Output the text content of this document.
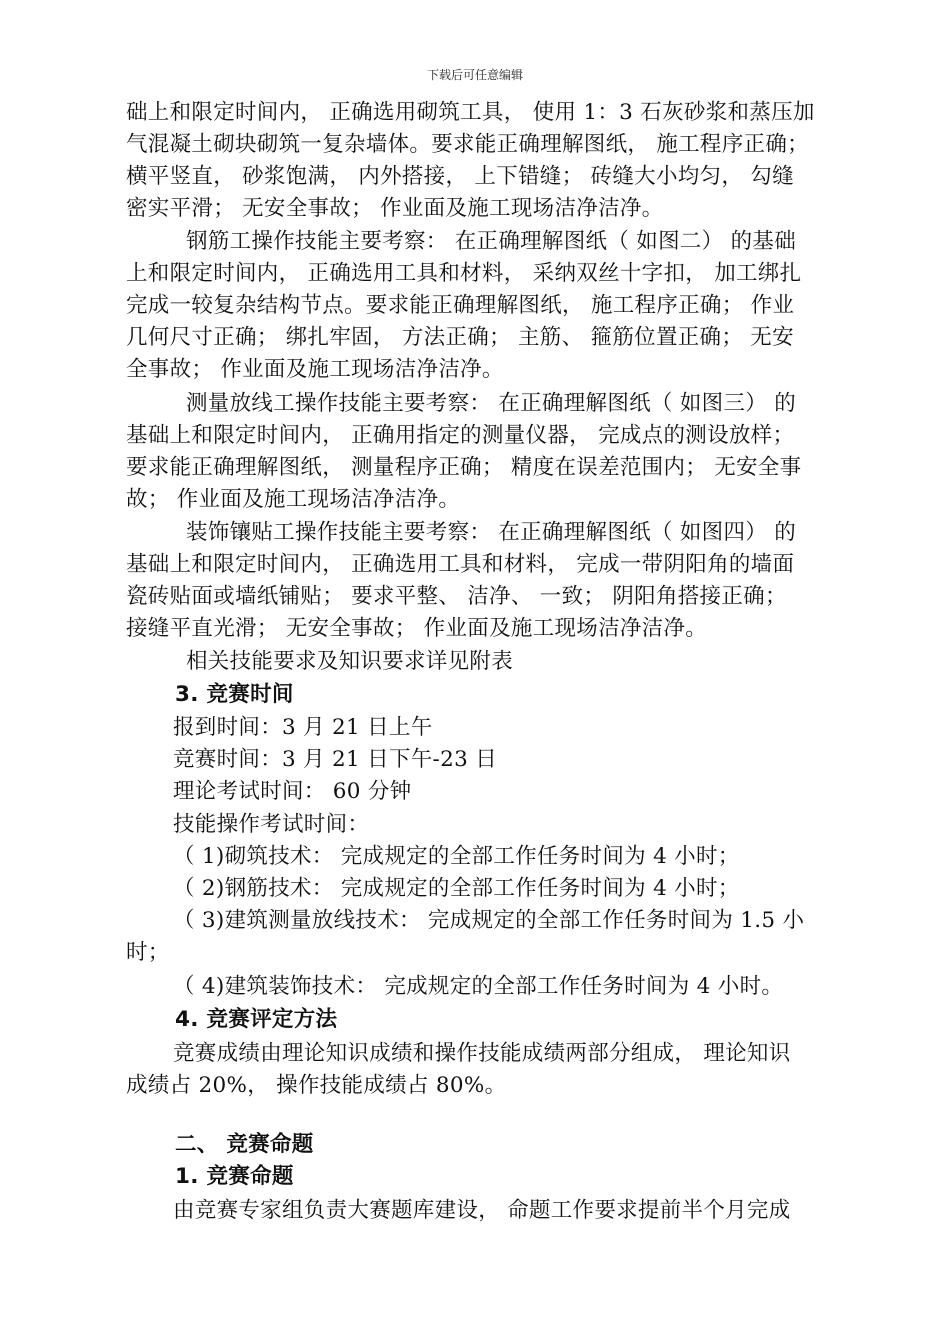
下载后可任意编辑
础上和限定时间内， 正确选用砌筑工具， 使用 1：3 石灰砂浆和蒸压加
气混凝土砌块砌筑一复杂墙体。要求能正确理解图纸， 施工程序正确；
横平竖直， 砂浆饱满， 内外搭接， 上下错缝； 砖缝大小均匀， 勾缝
密实平滑； 无安全事故； 作业面及施工现场洁净洁净。
钢筋工操作技能主要考察： 在正确理解图纸（ 如图二） 的基础
上和限定时间内， 正确选用工具和材料， 采纳双丝十字扣， 加工绑扎
完成一较复杂结构节点。要求能正确理解图纸， 施工程序正确； 作业
几何尺寸正确； 绑扎牢固， 方法正确； 主筋、 箍筋位置正确； 无安
全事故； 作业面及施工现场洁净洁净。
测量放线工操作技能主要考察： 在正确理解图纸（ 如图三） 的
基础上和限定时间内， 正确用指定的测量仪器， 完成点的测设放样；
要求能正确理解图纸， 测量程序正确； 精度在误差范围内； 无安全事
故； 作业面及施工现场洁净洁净。
装饰镶贴工操作技能主要考察： 在正确理解图纸（ 如图四） 的
基础上和限定时间内， 正确选用工具和材料， 完成一带阴阳角的墙面
瓷砖贴面或墙纸铺贴； 要求平整、 洁净、 一致； 阴阳角搭接正确；
接缝平直光滑； 无安全事故； 作业面及施工现场洁净洁净。
相关技能要求及知识要求详见附表
3. 竞赛时间
报到时间：3 月 21 日上午
竞赛时间：3 月 21 日下午-23 日
理论考试时间： 60 分钟
技能操作考试时间：
（ 1)砌筑技术： 完成规定的全部工作任务时间为 4 小时；
（ 2)钢筋技术： 完成规定的全部工作任务时间为 4 小时；
（ 3)建筑测量放线技术： 完成规定的全部工作任务时间为 1.5 小
时；
（ 4)建筑装饰技术： 完成规定的全部工作任务时间为 4 小时。
4. 竞赛评定方法
竞赛成绩由理论知识成绩和操作技能成绩两部分组成， 理论知识
成绩占 20%， 操作技能成绩占 80%。
二、 竞赛命题
1. 竞赛命题
由竞赛专家组负责大赛题库建设， 命题工作要求提前半个月完成
